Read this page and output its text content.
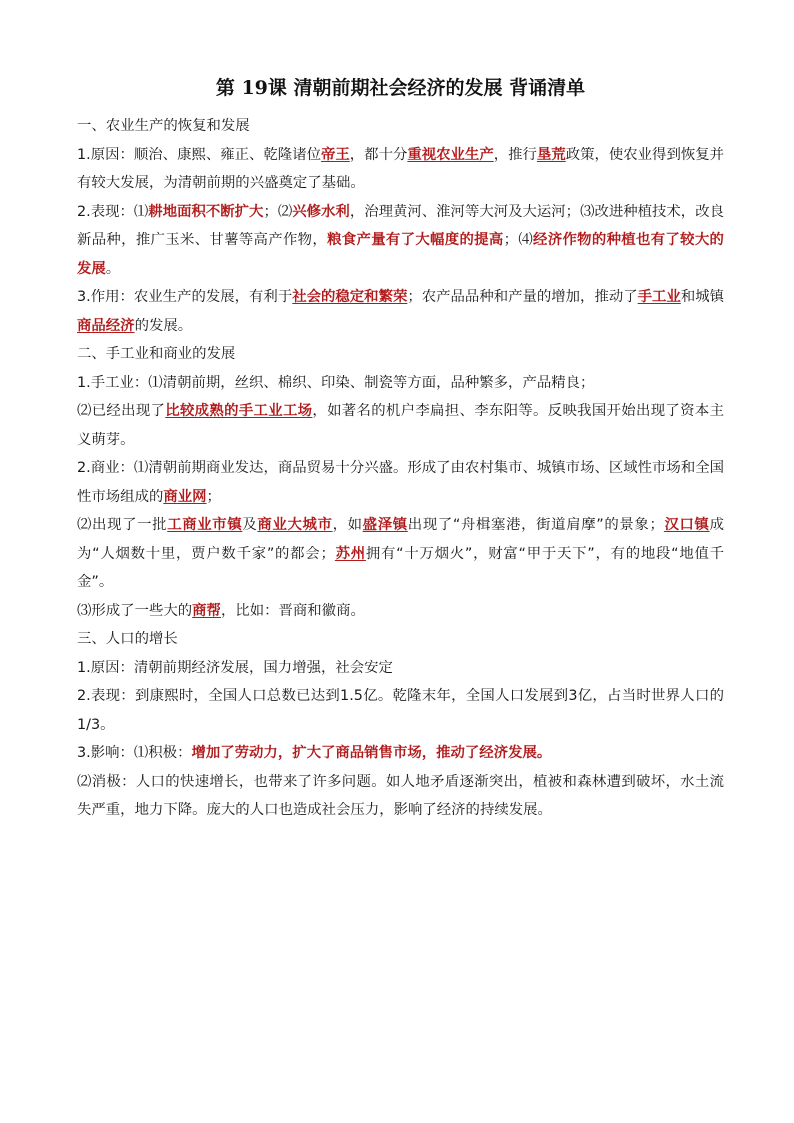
第 19课 清朝前期社会经济的发展 背诵清单

一、农业生产的恢复和发展

1.原因：顺治、康熙、雍正、乾隆诸位帝王，都十分重视农业生产，推行垦荒政策，使农业得到恢复并有较大发展，为清朝前期的兴盛奠定了基础。

2.表现：⑴耕地面积不断扩大；⑵兴修水利，治理黄河、淮河等大河及大运河；⑶改进种植技术，改良新品种，推广玉米、甘薯等高产作物，粮食产量有了大幅度的提高；⑷经济作物的种植也有了较大的发展。

3.作用：农业生产的发展，有利于社会的稳定和繁荣；农产品品种和产量的增加，推动了手工业和城镇商品经济的发展。

二、手工业和商业的发展

1.手工业：⑴清朝前期，丝织、棉织、印染、制瓷等方面，品种繁多，产品精良；

⑵已经出现了比较成熟的手工业工场，如著名的机户李扁担、李东阳等。反映我国开始出现了资本主义萌芽。

2.商业：⑴清朝前期商业发达，商品贸易十分兴盛。形成了由农村集市、城镇市场、区域性市场和全国性市场组成的商业网；

⑵出现了一批工商业市镇及商业大城市，如盛泽镇出现了“舟楫塞港，街道肩摩”的景象；汉口镇成为“人烟数十里，贾户数千家”的都会；苏州拥有“十万烟火”，财富“甲于天下”，有的地段“地值千金”。

⑶形成了一些大的商帮，比如：晋商和徽商。

三、人口的增长

1.原因：清朝前期经济发展，国力增强，社会安定

2.表现：到康熙时，全国人口总数已达到1.5亿。乾隆末年，全国人口发展到3亿，占当时世界人口的1/3。

3.影响：⑴积极：增加了劳动力，扩大了商品销售市场，推动了经济发展。

⑵消极：人口的快速增长，也带来了许多问题。如人地矛盾逐渐突出，植被和森林遭到破坏，水土流失严重，地力下降。庞大的人口也造成社会压力，影响了经济的持续发展。
